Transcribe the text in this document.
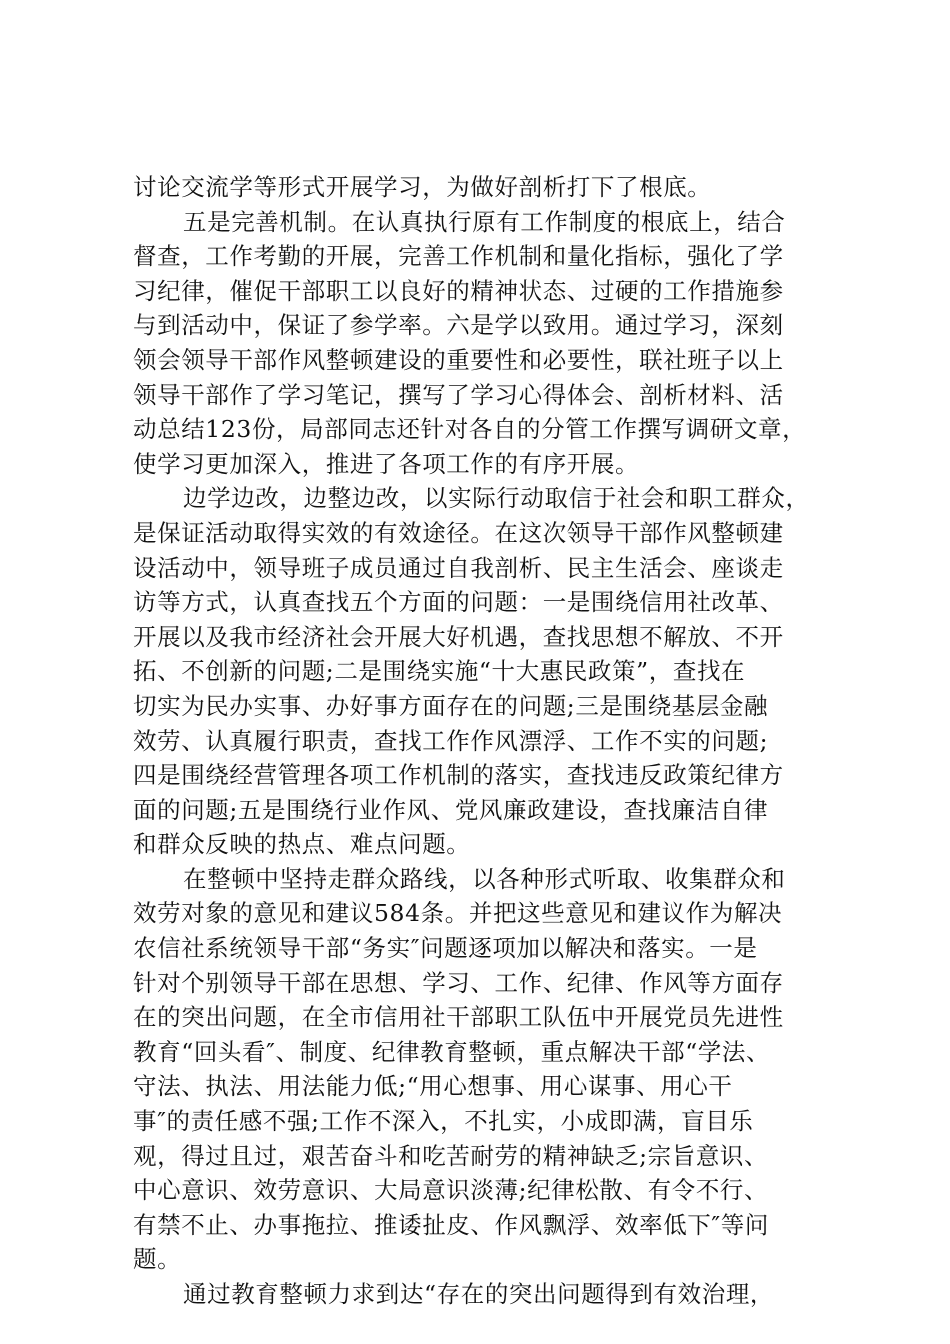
讨论交流学等形式开展学习，为做好剖析打下了根底。
五是完善机制。在认真执行原有工作制度的根底上，结合
督查，工作考勤的开展，完善工作机制和量化指标，强化了学
习纪律，催促干部职工以良好的精神状态、过硬的工作措施参
与到活动中，保证了参学率。六是学以致用。通过学习，深刻
领会领导干部作风整顿建设的重要性和必要性，联社班子以上
领导干部作了学习笔记，撰写了学习心得体会、剖析材料、活
动总结123份，局部同志还针对各自的分管工作撰写调研文章，
使学习更加深入，推进了各项工作的有序开展。
边学边改，边整边改，以实际行动取信于社会和职工群众，
是保证活动取得实效的有效途径。在这次领导干部作风整顿建
设活动中，领导班子成员通过自我剖析、民主生活会、座谈走
访等方式，认真查找五个方面的问题：一是围绕信用社改革、
开展以及我市经济社会开展大好机遇，查找思想不解放、不开
拓、不创新的问题;二是围绕实施“十大惠民政策”，查找在
切实为民办实事、办好事方面存在的问题;三是围绕基层金融
效劳、认真履行职责，查找工作作风漂浮、工作不实的问题;
四是围绕经营管理各项工作机制的落实，查找违反政策纪律方
面的问题;五是围绕行业作风、党风廉政建设，查找廉洁自律
和群众反映的热点、难点问题。
在整顿中坚持走群众路线，以各种形式听取、收集群众和
效劳对象的意见和建议584条。并把这些意见和建议作为解决
农信社系统领导干部“务实″问题逐项加以解决和落实。一是
针对个别领导干部在思想、学习、工作、纪律、作风等方面存
在的突出问题，在全市信用社干部职工队伍中开展党员先进性
教育“回头看″、制度、纪律教育整顿，重点解决干部“学法、
守法、执法、用法能力低;“用心想事、用心谋事、用心干
事″的责任感不强;工作不深入，不扎实，小成即满，盲目乐
观，得过且过，艰苦奋斗和吃苦耐劳的精神缺乏;宗旨意识、
中心意识、效劳意识、大局意识淡薄;纪律松散、有令不行、
有禁不止、办事拖拉、推诿扯皮、作风飘浮、效率低下″等问
题。
通过教育整顿力求到达“存在的突出问题得到有效治理，
